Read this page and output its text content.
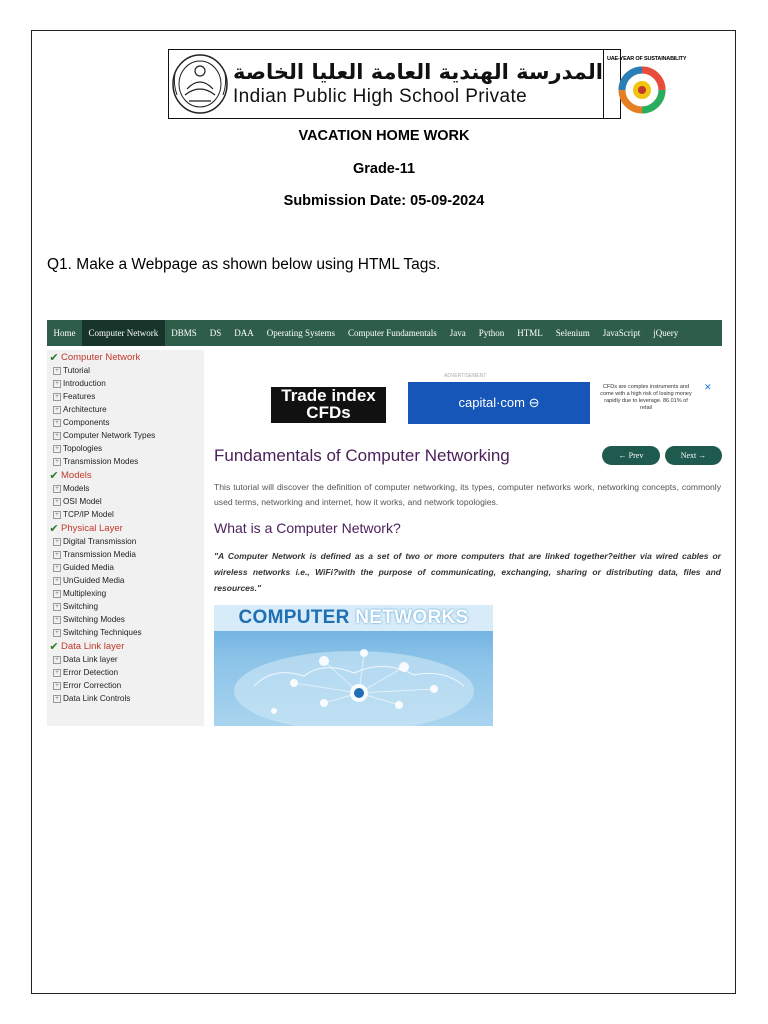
المدرسة الهندية العامة العليا الخاصة
Indian Public High School Private
UAE-YEAR OF SUSTAINABILITY
VACATION HOME WORK
Grade-11
Submission Date: 05-09-2024
Q1. Make a Webpage as shown below using HTML Tags.
Home	Computer Network	DBMS	DS	DAA	Operating Systems	Computer Fundamentals	Java	Python	HTML	Selenium	JavaScript	jQuery
✔ Computer Network
+ Tutorial
+ Introduction
+ Features
+ Architecture
+ Components
+ Computer Network Types
+ Topologies
+ Transmission Modes
✔ Models
+ Models
+ OSI Model
+ TCP/IP Model
✔ Physical Layer
+ Digital Transmission
+ Transmission Media
+ Guided Media
+ UnGuided Media
+ Multiplexing
+ Switching
+ Switching Modes
+ Switching Techniques
✔ Data Link layer
+ Data Link layer
+ Error Detection
+ Error Correction
+ Data Link Controls
ADVERTISEMENT
Trade index CFDs
capital·com ⊖
CFDs are complex instruments and come with a high risk of losing money rapidly due to leverage. 86.01% of retail
✕
Fundamentals of Computer Networking	← Prev	Next →
This tutorial will discover the definition of computer networking, its types, computer networks work, networking concepts, commonly used terms, networking and internet, how it works, and network topologies.
What is a Computer Network?
"A Computer Network is defined as a set of two or more computers that are linked together?either via wired cables or wireless networks i.e., WiFi?with the purpose of communicating, exchanging, sharing or distributing data, files and resources."
COMPUTER NETWORKS
